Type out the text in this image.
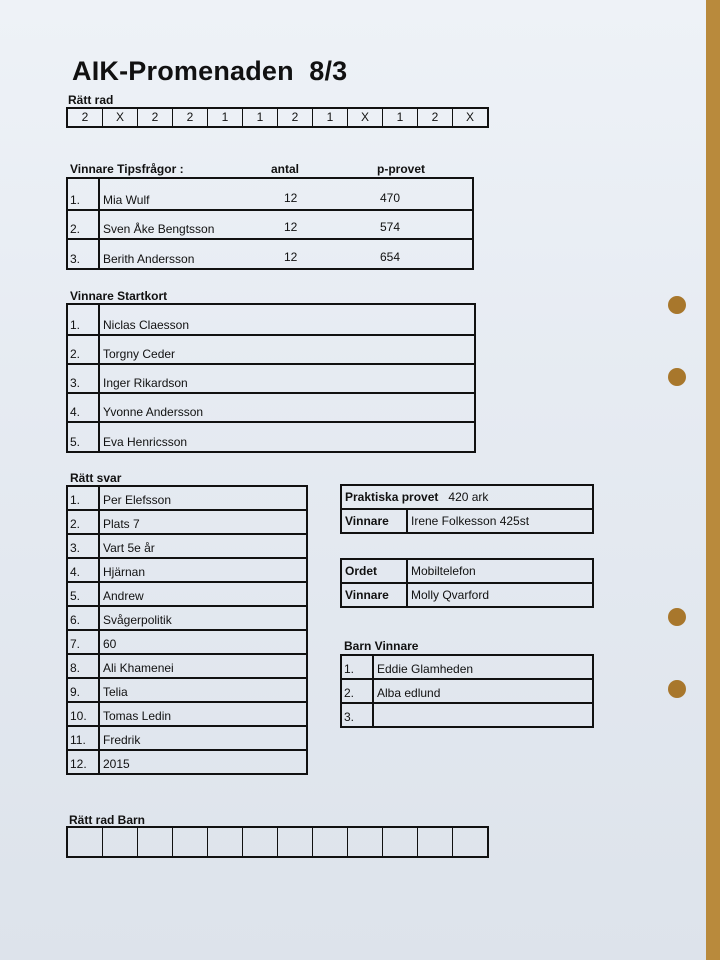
AIK-Promenaden  8/3
Rätt rad
2	X	2	2	1	1	2	1	X	1	2	X
Vinnare Tipsfrågor :	antal	p-provet
1.	Mia Wulf	12	470
2.	Sven Åke Bengtsson	12	574
3.	Berith Andersson	12	654
Vinnare Startkort
1.	Niclas Claesson
2.	Torgny Ceder
3.	Inger Rikardson
4.	Yvonne Andersson
5.	Eva Henricsson
Rätt svar
1.	Per Elefsson
2.	Plats 7
3.	Vart 5e år
4.	Hjärnan
5.	Andrew
6.	Svågerpolitik
7.	60
8.	Ali Khamenei
9.	Telia
10.	Tomas Ledin
11.	Fredrik
12.	2015
Praktiska provet 420 ark
Vinnare	Irene Folkesson 425st
Ordet	Mobiltelefon
Vinnare	Molly Qvarford
Barn Vinnare
1.	Eddie Glamheden
2.	Alba edlund
3.
Rätt rad Barn
